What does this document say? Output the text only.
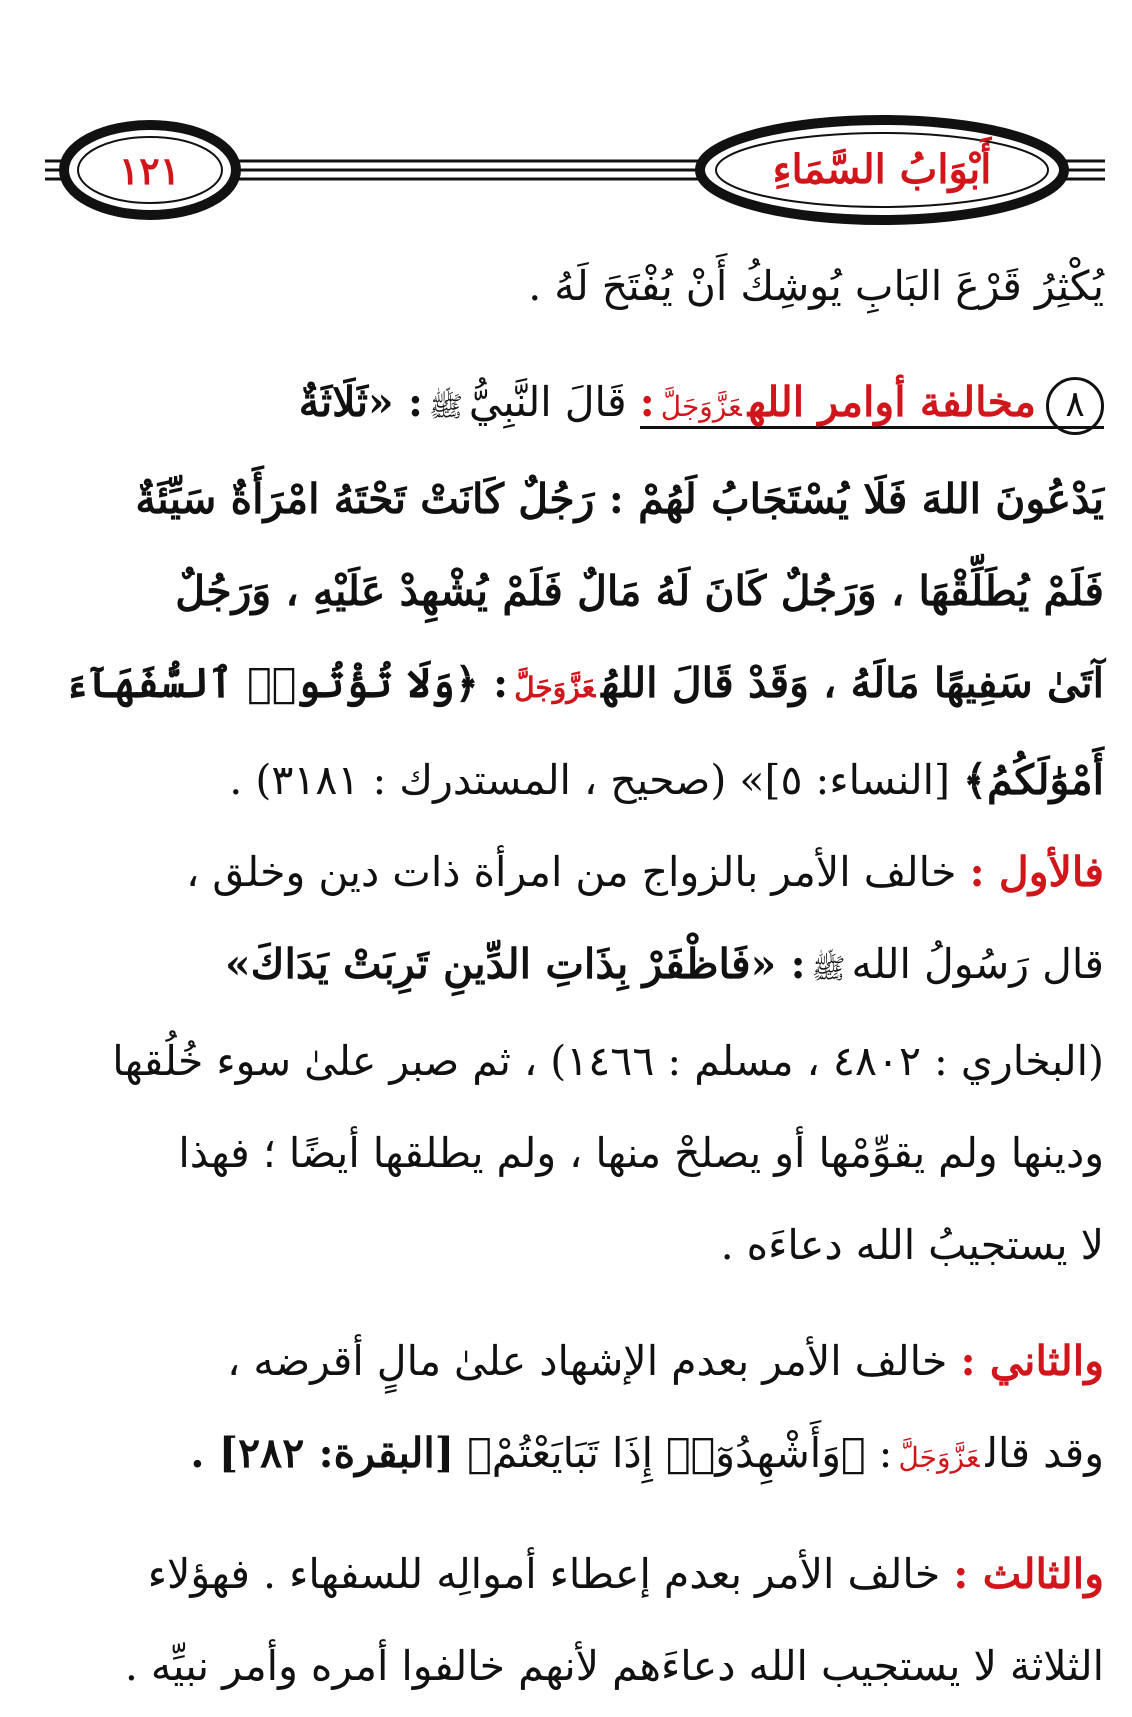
١٢١	أَبْوَابُ السَّمَاءِ

يُكْثِرُ قَرْعَ البَابِ يُوشِكُ أَنْ يُفْتَحَ لَهُ .

٨مخالفة أوامر اللهعَزَّوَجَلَّ: قَالَ النَّبِيُّﷺ: «ثَلَاثَةٌ

يَدْعُونَ اللهَ فَلَا يُسْتَجَابُ لَهُمْ : رَجُلٌ كَانَتْ تَحْتَهُ امْرَأَةٌ سَيِّئَةٌ

فَلَمْ يُطَلِّقْهَا ، وَرَجُلٌ كَانَ لَهُ مَالٌ فَلَمْ يُشْهِدْ عَلَيْهِ ، وَرَجُلٌ

آتَىٰ سَفِيهًا مَالَهُ ، وَقَدْ قَالَ اللهُعَزَّوَجَلَّ: ﴿وَلَا تُؤْتُوا۟ ٱلسُّفَهَآءَ

أَمْوَٰلَكُمُ﴾ [النساء: ٥]» (صحيح ، المستدرك : ٣١٨١) .

فالأول : خالف الأمر بالزواج من امرأة ذات دين وخلق ،

قال رَسُولُ اللهﷺ: «فَاظْفَرْ بِذَاتِ الدِّينِ تَرِبَتْ يَدَاكَ»

(البخاري : ٤٨٠٢ ، مسلم : ١٤٦٦) ، ثم صبر علىٰ سوء خُلُقها

ودينها ولم يقوِّمْها أو يصلحْ منها ، ولم يطلقها أيضًا ؛ فهذا

لا يستجيبُ الله دعاءَه .

والثاني : خالف الأمر بعدم الإشهاد علىٰ مالٍ أقرضه ،

وقد قالعَزَّوَجَلَّ: ﴿وَأَشْهِدُوٓا۟ إِذَا تَبَايَعْتُمْ﴾ [البقرة: ٢٨٢] .

والثالث : خالف الأمر بعدم إعطاء أموالِه للسفهاء . فهؤلاء

الثلاثة لا يستجيب الله دعاءَهم لأنهم خالفوا أمره وأمر نبيِّه .
